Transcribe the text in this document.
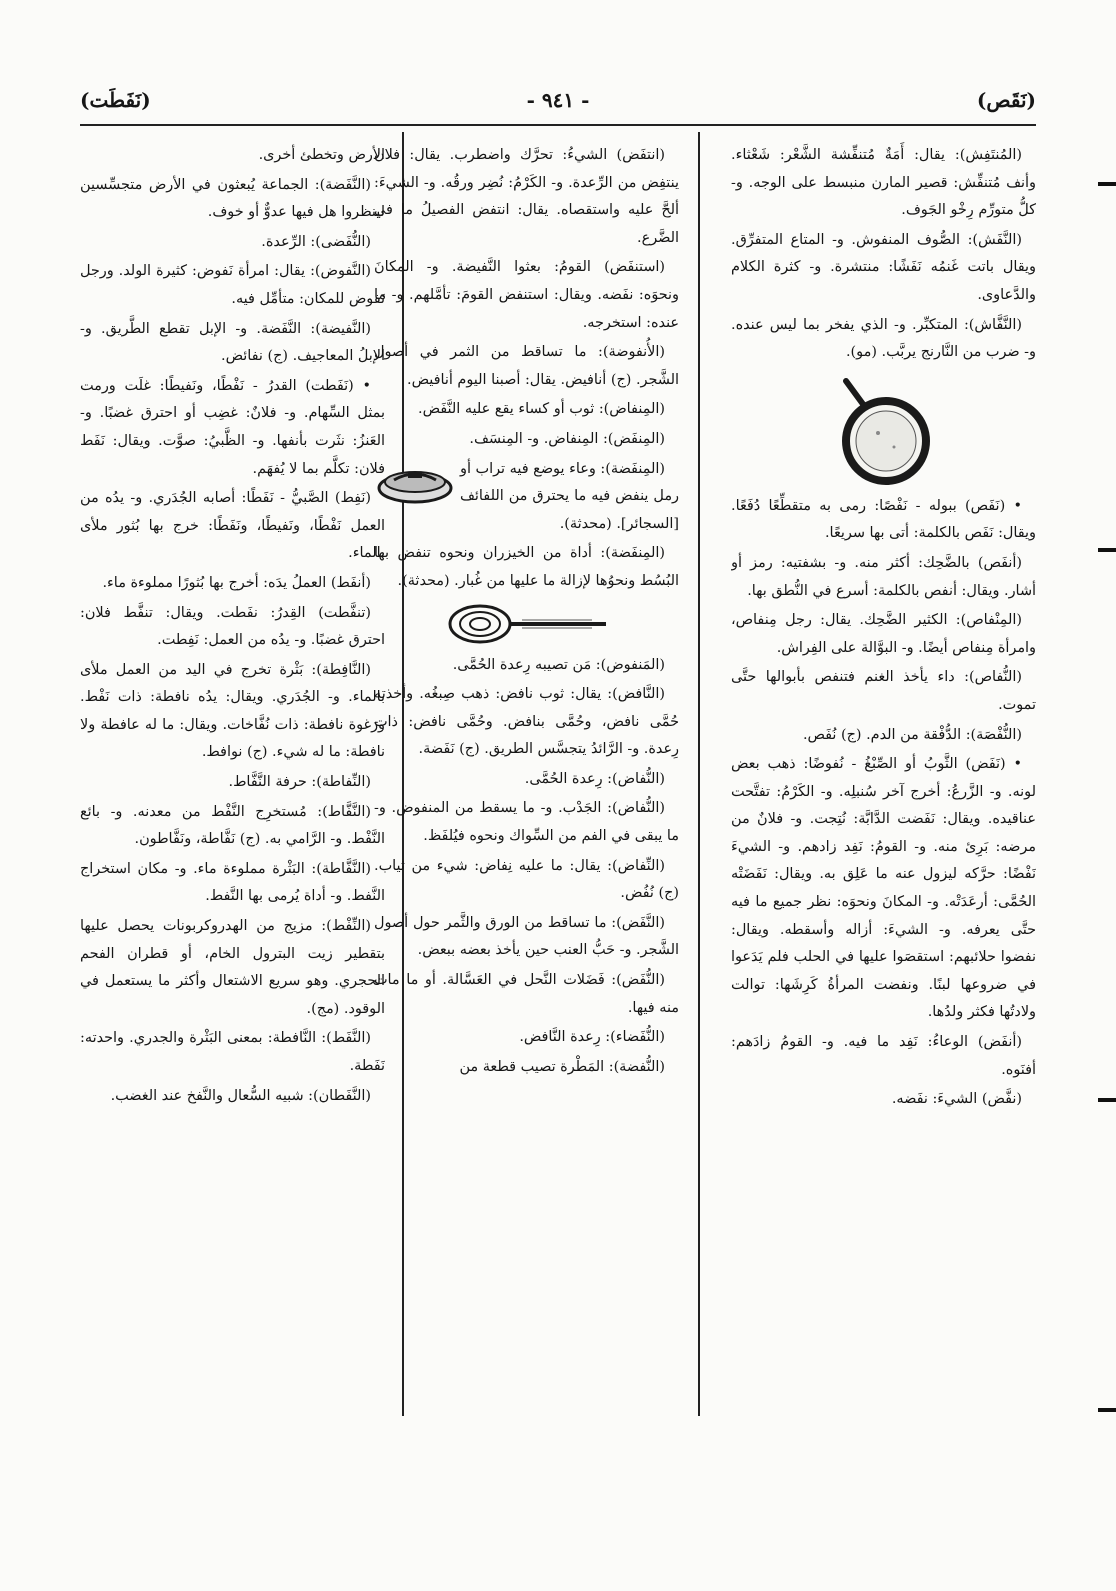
(نَقَص)
- ٩٤١ -
(نَفَطَت)

(المُنتَفِش): يقال: أَمَةٌ مُتنفِّشة الشَّعْر: شَعْثاء. وأنف مُتنفِّش: قصير المارن منبسط على الوجه. و- كلُّ متورِّم رِخْو الجَوف.

(النَّفَش): الصُّوف المنفوش. و- المتاع المتفرِّق. ويقال باتت غَنمُه نَفَشًا: منتشرة. و- كثرة الكلام والدَّعاوى.

(النَّفَّاش): المتكبِّر. و- الذي يفخر بما ليس عنده. و- ضرب من النَّارنج يربَّب. (مو).

• (نَفَص) ببوله - نَفْصًا: رمى به متقطِّعًا دُفَعًا. ويقال: نَفَص بالكلمة: أتى بها سريعًا.

(أنفَص) بالضَّحِك: أكثر منه. و- بشفتيه: رمز أو أشار. ويقال: أنفص بالكلمة: أسرع في النُّطق بها.

(المِنْفاص): الكثير الضَّحِك. يقال: رجل مِنفاص، وامرأة مِنفاص أيضًا. و- البوَّالة على الفِراش.

(النُّفاص): داء يأخذ الغنم فتنفص بأبوالها حتَّى تموت.

(النُّفْصَة): الدُّفْقة من الدم. (ج) نُفَص.

• (نَفَض) الثَّوبُ أو الصِّبْغُ - نُفوضًا: ذهب بعض لونه. و- الزَّرعُ: أخرج آخر سُنبلِه. و- الكَرْمُ: تفتَّحت عناقيده. ويقال: نَفَضت الدَّابَّة: نُتِجت. و- فلانٌ من مرضه: بَرِئ منه. و- القومُ: نَفِد زادهم. و- الشيءَ نَفْضًا: حرَّكه ليزول عنه ما عَلِق به. ويقال: نَفَضَتْه الحُمَّى: أرعَدَتْه. و- المكانَ ونحوَه: نظر جميع ما فيه حتَّى يعرفه. و- الشيءَ: أزاله وأسقطه. ويقال: نفضوا حلائبهم: استقصَوا عليها في الحلب فلم يَدَعوا في ضروعها لبنًا. ونفضت المرأةُ كَرِشَها: توالت ولادتُها فكثر ولدُها.

(أنفَض) الوعاءُ: نَفِد ما فيه. و- القومُ زادَهم: أفنَوه.

(نفَّض) الشيءَ: نفَضه.

(انتفَض) الشيءُ: تحرَّك واضطرب. يقال: فلان ينتفِض من الرِّعدة. و- الكَرْمُ: نُضِر ورقُه. و- الشيءَ: ألحَّ عليه واستقصاه. يقال: انتفض الفصيلُ ما في الضَّرع.

(استنفَض) القومُ: بعثوا النَّفيضة. و- المكانَ ونحوَه: نفَضه. ويقال: استنفض القومَ: تأمَّلهم. و- ما عنده: استخرجه.

(الأُنفوضة): ما تساقط من الثمر في أصول الشَّجر. (ج) أنافيض. يقال: أصبنا اليوم أنافيض.

(المِنفاض): ثوب أو كساء يقع عليه النَّفَض.

(المِنفَض): المِنفاض. و- المِنسَف.

(المِنفَضة): وعاء يوضع فيه تراب أو رمل ينفض فيه ما يحترق من اللفائف [السجائر]. (محدثة).

(المِنفَضة): أداة من الخيزران ونحوه تنفض بها البُسُط ونحوُها لإزالة ما عليها من غُبار. (محدثة).

(المَنفوض): مَن تصيبه رِعدة الحُمَّى.

(النَّافض): يقال: ثوب نافض: ذهب صِبغُه. وأخذته حُمَّى نافض، وحُمَّى بنافض. وحُمَّى نافض: ذات رِعدة. و- الرَّائدُ يتجسَّس الطريق. (ج) نَفَضة.

(النُّفاض): رِعدة الحُمَّى.

(النُّفاض): الجَدْب. و- ما يسقط من المنفوض. و- ما يبقى في الفم من السِّواك ونحوه فيُلفَظ.

(النِّفاض): يقال: ما عليه نِفاض: شيء من ثياب. (ج) نُفُض.

(النَّفَض): ما تساقط من الورق والثَّمر حول أصول الشَّجر. و- حَبُّ العنب حين يأخذ بعضه ببعض.

(النُّفَض): فَضَلات النَّحل في العَسَّالة. أو ما مات منه فيها.

(النُّفَضاء): رِعدة النَّافض.

(النُّفضة): المَطْرة تصيب قطعة من

الأرض وتخطئ أخرى.

(النَّفَضة): الجماعة يُبعثون في الأرض متجسِّسين لينظروا هل فيها عدوٌّ أو خوف.

(النُّفَضى): الرِّعدة.

(النَّفوض): يقال: امرأة نَفوض: كثيرة الولد. ورجل نَفوض للمكان: متأمِّل فيه.

(النَّفيضة): النَّفَضة. و- الإبل تقطع الطَّريق. و- الإبلُ المعاجيف. (ج) نفائض.

• (نَفَطت) القدرُ - نَفْطًا، ونَفيطًا: غلَت ورمت بمثل السِّهام. و- فلانٌ: غضِب أو احترق غضبًا. و- العَنزُ: نثَرت بأنفها. و- الظَّبيُ: صوَّت. ويقال: نَفَط فلان: تكلَّم بما لا يُفهَم.

(نَفِط) الصَّبيُّ - نَفَطًا: أصابه الجُدَري. و- يدُه من العمل نَفْطًا، ونَفيطًا، ونَفَطًا: خرج بها بُثور ملأى بالماء.

(أنفَط) العملُ يدَه: أخرج بها بُثورًا مملوءة ماء.

(تنفَّطت) القِدرُ: نفَطت. ويقال: تنفَّط فلان: احترق غضبًا. و- يدُه من العمل: نَفِطت.

(النَّافِطة): بَثْرة تخرج في اليد من العمل ملأى بالماء. و- الجُدَري. ويقال: يدُه نافطة: ذات نَفْط. ورَغوة نافطة: ذات نُفَّاخات. ويقال: ما له عافطة ولا نافطة: ما له شيء. (ج) نوافط.

(النِّفاطة): حرفة النَّفَّاط.

(النَّفَّاط): مُستخرِج النَّفْط من معدنه. و- بائع النَّفْط. و- الرَّامي به. (ج) نَفَّاطة، ونَفَّاطون.

(النَّفَّاطة): البَثْرة مملوءة ماء. و- مكان استخراج النَّفط. و- أداة يُرمى بها النَّفط.

(النِّفْط): مزيج من الهدروكربونات يحصل عليها بتقطير زيت البترول الخام، أو قطران الفحم الحجري. وهو سريع الاشتعال وأكثر ما يستعمل في الوقود. (مج).

(النَّفَط): النَّافطة: بمعنى البَثْرة والجدري. واحدته: نَفَطة.

(النَّفَطان): شبيه السُّعال والنَّفخ عند الغضب.
